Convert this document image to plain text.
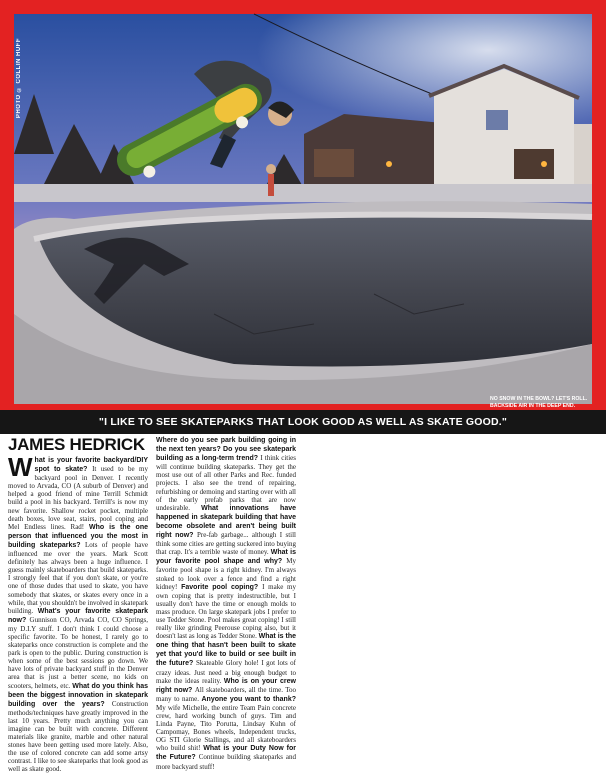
PHOTO © COLLIN HUFF
NO SNOW IN THE BOWL? LET'S ROLL.
BACKSIDE AIR IN THE DEEP END.
"I LIKE TO SEE SKATEPARKS THAT LOOK GOOD AS WELL AS SKATE GOOD."
JAMES HEDRICK

W hat is your favorite backyard/DIY spot to skate? It used to be my backyard pool in Denver. I recently moved to Arvada, CO (A suburb of Denver) and helped a good friend of mine Terrill Schmidt build a pool in his backyard. Terrill's is now my new favorite. Shallow rocket pocket, multiple death boxes, love seat, stairs, pool coping and Mel Endless lines. Rad! Who is the one person that influenced you the most in building skateparks? Lots of people have influenced me over the years. Mark Scott definitely has always been a huge influence. I guess mainly skateboarders that build skateparks. I strongly feel that if you don't skate, or you're one of those dudes that used to skate, you have somebody that skates, or skates every once in a while, that you shouldn't be involved in skatepark building. What's your favorite skatepark now? Gunnison CO, Arvada CO, CO Springs, my D.I.Y stuff. I don't think I could choose a specific favorite. To be honest, I rarely go to skateparks once construction is complete and the park is open to the public. During construction is when some of the best sessions go down. We have lots of private backyard stuff in the Denver area that is just a better scene, no kids on scooters, helmets, etc. What do you think has been the biggest innovation in skatepark building over the years? Construction methods/techniques have greatly improved in the last 10 years. Pretty much anything you can imagine can be built with concrete. Different materials like granite, marble and other natural stones have been getting used more lately. Also, the use of colored concrete can add some artsy contrast. I like to see skateparks that look good as well as skate good.

Where do you see park building going in the next ten years? Do you see skatepark building as a long-term trend? I think cities will continue building skateparks. They get the most use out of all other Parks and Rec. funded projects. I also see the trend of repairing, refurbishing or demoing and starting over with all of the early prefab parks that are now undesirable. What innovations have happened in skatepark building that have become obsolete and aren't being built right now? Pre-fab garbage... although I still think some cities are getting suckered into buying that crap. It's a terrible waste of money. What is your favorite pool shape and why? My favorite pool shape is a right kidney. I'm always stoked to look over a fence and find a right kidney! Favorite pool coping? I make my own coping that is pretty indestructible, but I usually don't have the time or enough molds to mass produce. On large skatepark jobs I prefer to use Tedder Stone. Pool makes great coping! I still really like grinding Peerouse coping also, but it doesn't last as long as Tedder Stone. What is the one thing that hasn't been built to skate yet that you'd like to build or see built in the future? Skateable Glory hole! I got lots of crazy ideas. Just need a big enough budget to make the ideas reality. Who is on your crew right now? All skateboarders, all the time. Too many to name. Anyone you want to thank? My wife Michelle, the entire Team Pain concrete crew, hard working bunch of guys. Tim and Linda Payne, Tito Porutta, Lindsay Kuhn of Campomay, Bones wheels, Independent trucks, OG STI Glorie Stallings, and all skateboarders who build shit! What is your Duty Now for the Future? Continue building skateparks and more backyard stuff!
